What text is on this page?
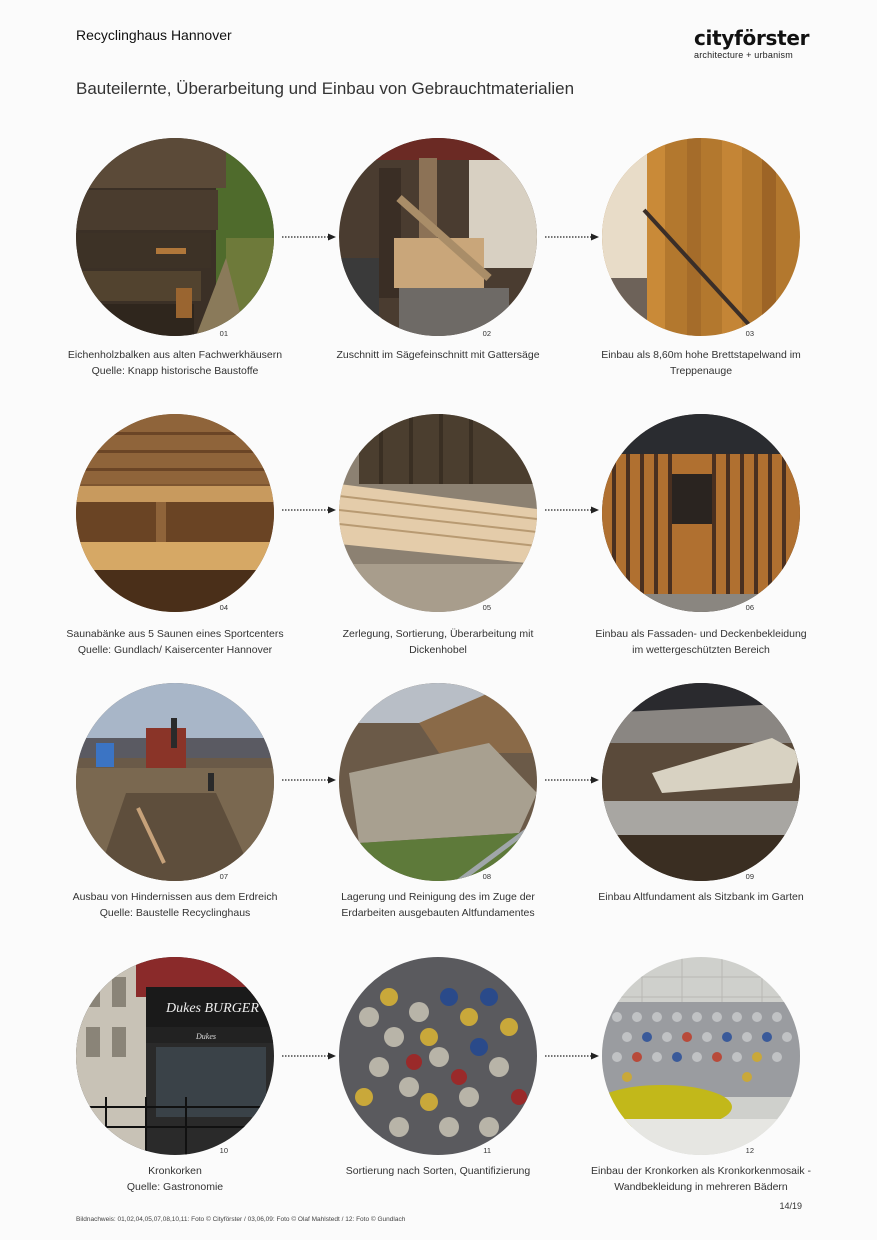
Recyclinghaus Hannover	cityförster
architecture + urbanism
Bauteilernte, Überarbeitung und Einbau von Gebrauchtmaterialien
01
Eichenholzbalken aus alten Fachwerkhäusern
Quelle: Knapp historische Baustoffe
02
Zuschnitt im Sägefeinschnitt mit Gattersäge
03
Einbau als 8,60m hohe Brettstapelwand im
Treppenauge
04
Saunabänke aus 5 Saunen eines Sportcenters
Quelle: Gundlach/ Kaisercenter Hannover
05
Zerlegung, Sortierung, Überarbeitung mit
Dickenhobel
06
Einbau als Fassaden- und Deckenbekleidung
im wettergeschützten Bereich
07
Ausbau von Hindernissen aus dem Erdreich
Quelle: Baustelle Recyclinghaus
08
Lagerung und Reinigung des im Zuge der
Erdarbeiten ausgebauten Altfundamentes
09
Einbau Altfundament als Sitzbank im Garten
Dukes BURGER
Dukes
10
Kronkorken
Quelle: Gastronomie
11
Sortierung nach Sorten, Quantifizierung
12
Einbau der Kronkorken als Kronkorkenmosaik -
Wandbekleidung in mehreren Bädern
14/19
Bildnachweis: 01,02,04,05,07,08,10,11: Foto © Cityförster / 03,06,09: Foto © Olaf Mahlstedt / 12: Foto © Gundlach
